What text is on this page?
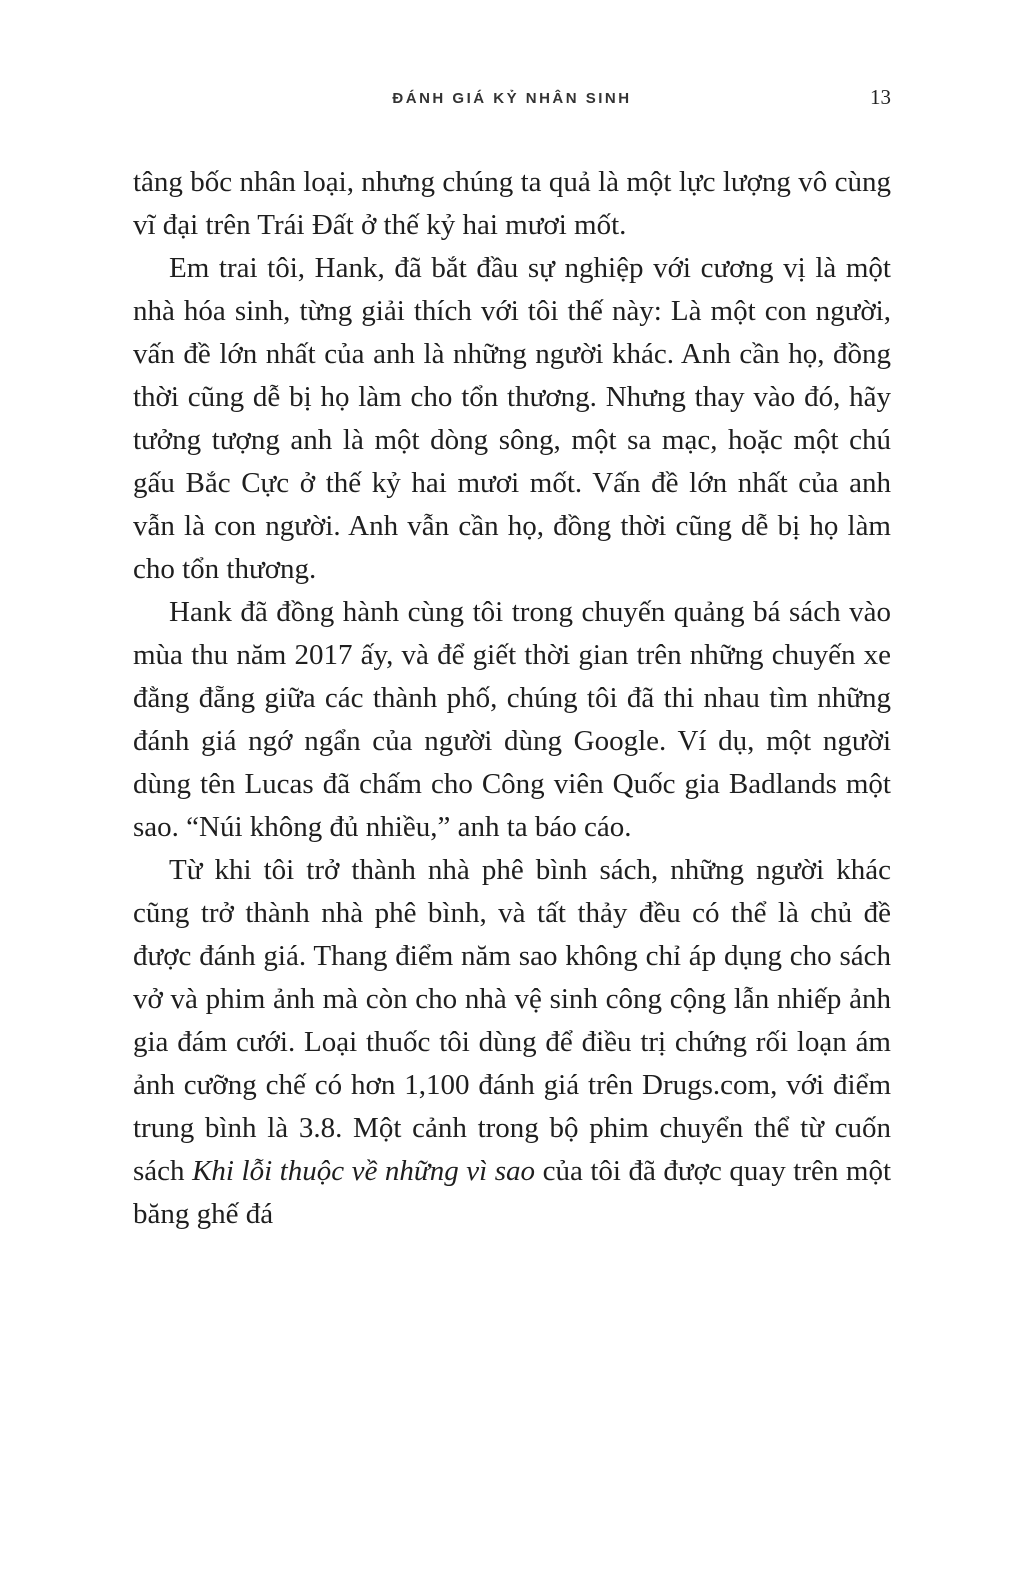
ĐÁNH GIÁ KỶ NHÂN SINH	13

tâng bốc nhân loại, nhưng chúng ta quả là một lực lượng vô cùng vĩ đại trên Trái Đất ở thế kỷ hai mươi mốt.

Em trai tôi, Hank, đã bắt đầu sự nghiệp với cương vị là một nhà hóa sinh, từng giải thích với tôi thế này: Là một con người, vấn đề lớn nhất của anh là những người khác. Anh cần họ, đồng thời cũng dễ bị họ làm cho tổn thương. Nhưng thay vào đó, hãy tưởng tượng anh là một dòng sông, một sa mạc, hoặc một chú gấu Bắc Cực ở thế kỷ hai mươi mốt. Vấn đề lớn nhất của anh vẫn là con người. Anh vẫn cần họ, đồng thời cũng dễ bị họ làm cho tổn thương.

Hank đã đồng hành cùng tôi trong chuyến quảng bá sách vào mùa thu năm 2017 ấy, và để giết thời gian trên những chuyến xe đằng đẵng giữa các thành phố, chúng tôi đã thi nhau tìm những đánh giá ngớ ngẩn của người dùng Google. Ví dụ, một người dùng tên Lucas đã chấm cho Công viên Quốc gia Badlands một sao. “Núi không đủ nhiều,” anh ta báo cáo.

Từ khi tôi trở thành nhà phê bình sách, những người khác cũng trở thành nhà phê bình, và tất thảy đều có thể là chủ đề được đánh giá. Thang điểm năm sao không chỉ áp dụng cho sách vở và phim ảnh mà còn cho nhà vệ sinh công cộng lẫn nhiếp ảnh gia đám cưới. Loại thuốc tôi dùng để điều trị chứng rối loạn ám ảnh cưỡng chế có hơn 1,100 đánh giá trên Drugs.com, với điểm trung bình là 3.8. Một cảnh trong bộ phim chuyển thể từ cuốn sách Khi lỗi thuộc về những vì sao của tôi đã được quay trên một băng ghế đá
